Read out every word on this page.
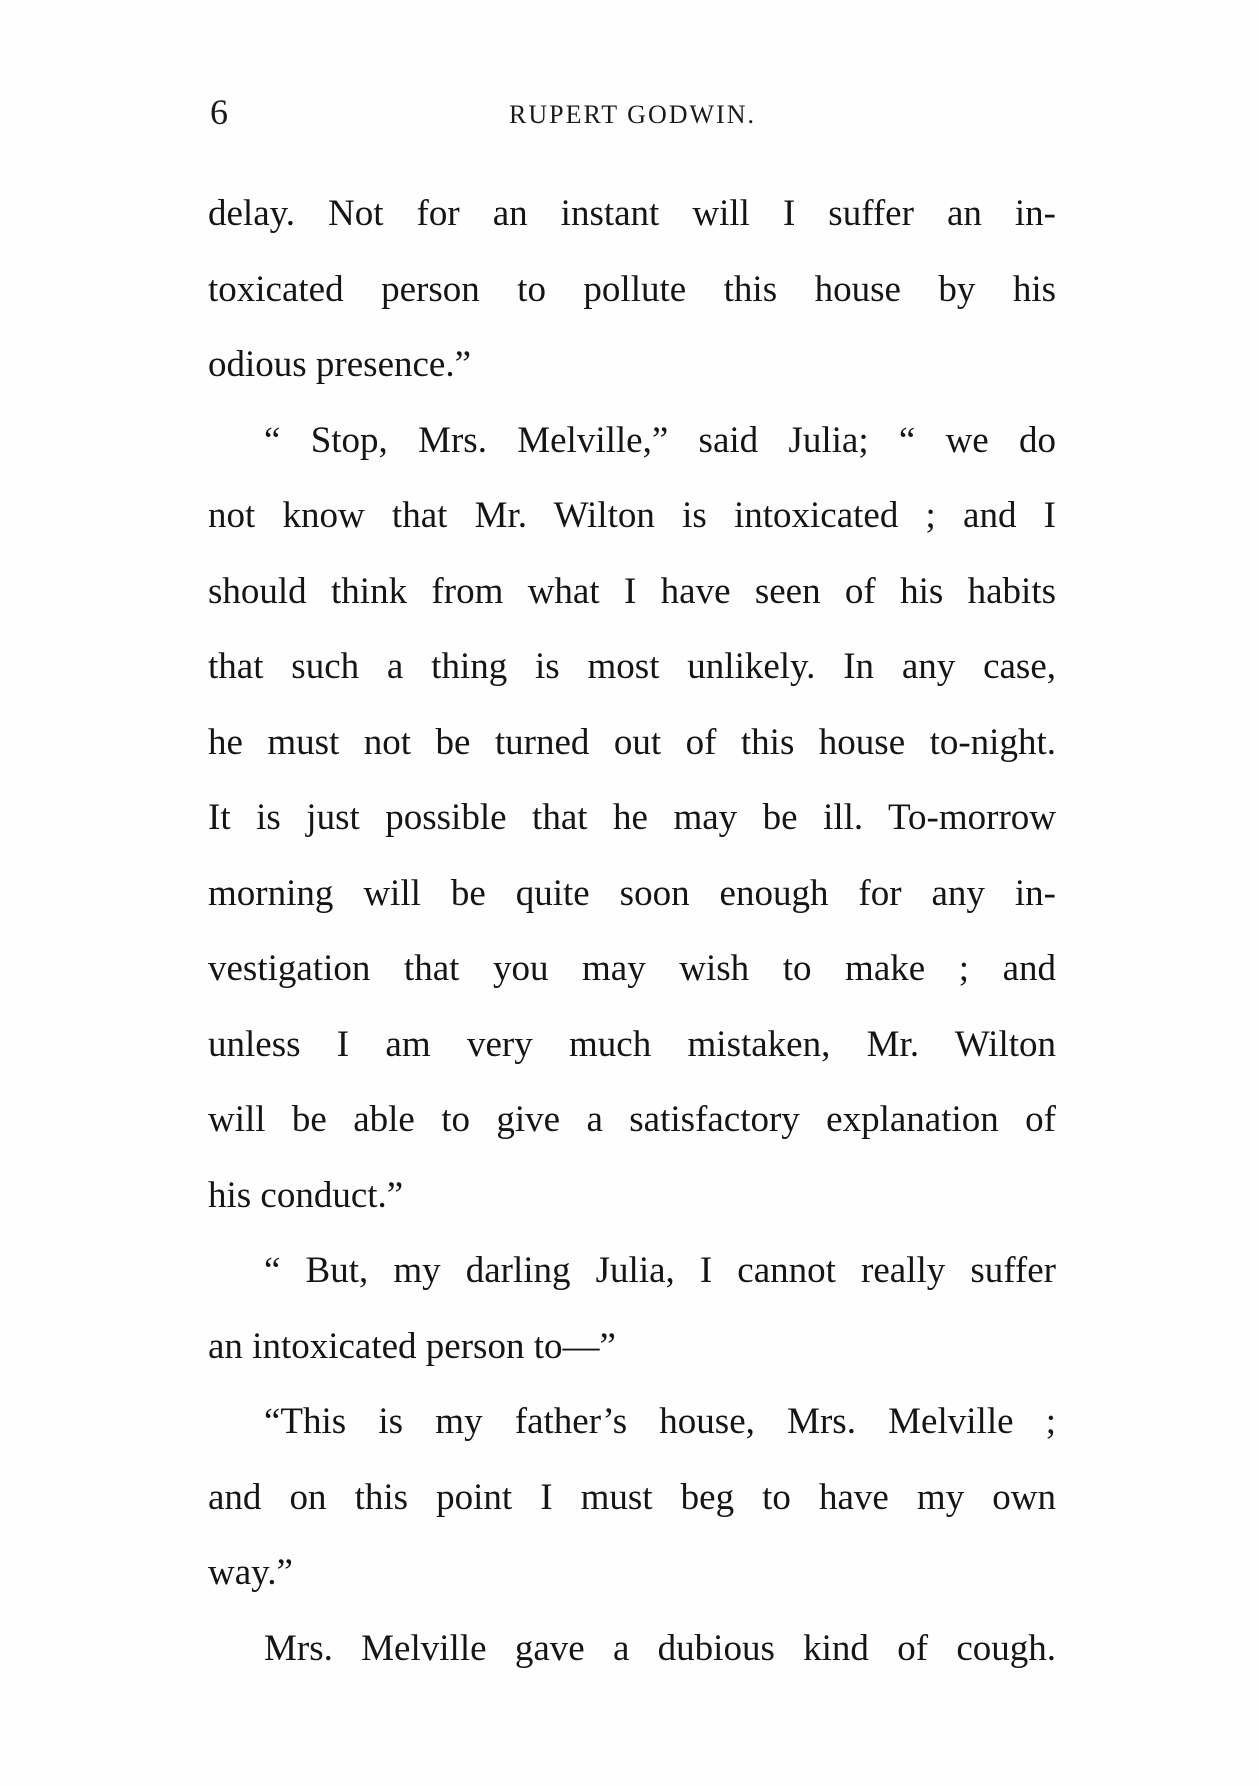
6	RUPERT GODWIN.
delay. Not for an instant will I suffer an in-
toxicated person to pollute this house by his
odious presence.”
“ Stop, Mrs. Melville,” said Julia; “ we do
not know that Mr. Wilton is intoxicated ; and I
should think from what I have seen of his habits
that such a thing is most unlikely. In any case,
he must not be turned out of this house to-night.
It is just possible that he may be ill. To-morrow
morning will be quite soon enough for any in-
vestigation that you may wish to make ; and
unless I am very much mistaken, Mr. Wilton
will be able to give a satisfactory explanation of
his conduct.”
“ But, my darling Julia, I cannot really suffer
an intoxicated person to—”
“This is my father’s house, Mrs. Melville ;
and on this point I must beg to have my own
way.”
Mrs. Melville gave a dubious kind of cough.
